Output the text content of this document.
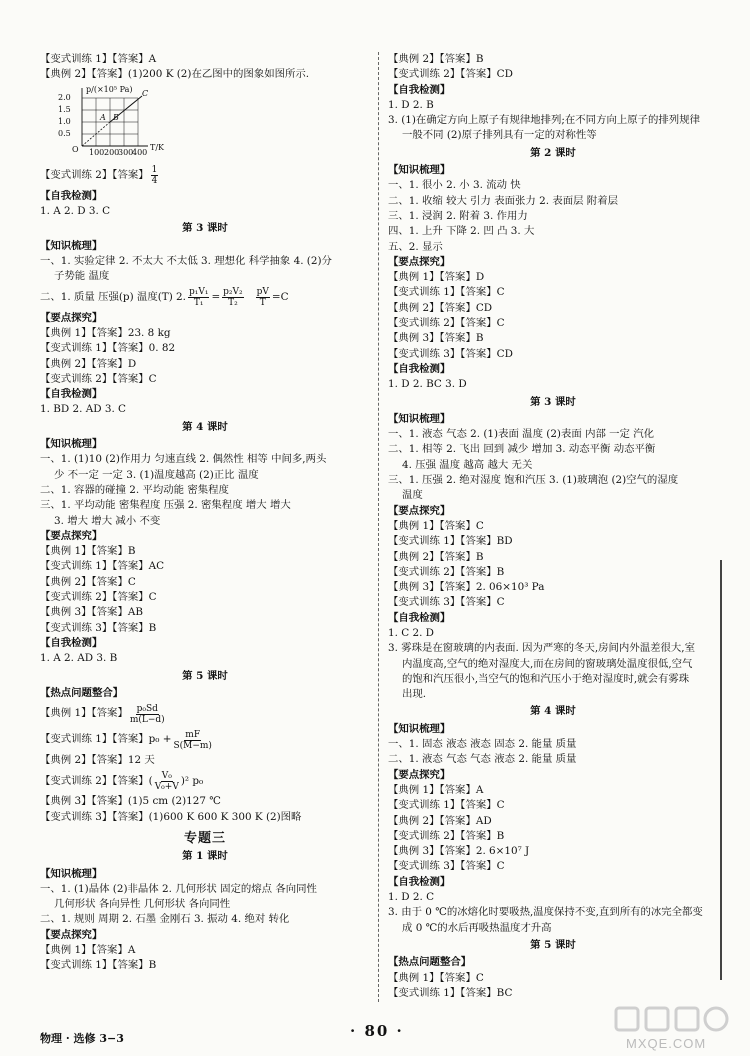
【变式训练 1】【答案】A
【典例 2】【答案】(1)200 K (2)在乙图中的图象如图所示.
p/(×10⁵ Pa)
2.0
1.5
1.0
0.5
O 100 200
300
400
T/K
A B
C
【变式训练 2】【答案】 $\frac{1}{4}$
【自我检测】
1. A 2. D 3. C
第 3 课时
【知识梳理】
一、1. 实验定律 2. 不太大 不太低 3. 理想化 科学抽象 4. (2)分
子势能 温度
二、1. 质量 压强(p) 温度(T) 2. $\frac{\text{p₁V₁}}{\text{T₁}} = \frac{\text{p₂V₂}}{\text{T₂}} \frac{pV}{T} =C$
【要点探究】
【典例 1】【答案】23. 8 kg
【变式训练 1】【答案】0. 82
【典例 2】【答案】D
【变式训练 2】【答案】C
【自我检测】
1. BD 2. AD 3. C
第 4 课时
【知识梳理】
一、1. (1)10 (2)作用力 匀速直线 2. 偶然性 相等 中间多,两头
少 不一定 一定 3. (1)温度越高 (2)正比 温度
二、1. 容器的碰撞 2. 平均动能 密集程度
三、1. 平均动能 密集程度 压强 2. 密集程度 增大 增大
3. 增大 增大 减小 不变
【要点探究】
【典例 1】【答案】B
【变式训练 1】【答案】AC
【典例 2】【答案】C
【变式训练 2】【答案】C
【典例 3】【答案】AB
【变式训练 3】【答案】B
【自我检测】
1. A 2. AD 3. B
第 5 课时
【热点问题整合】
【典例 1】【答案】 $\frac{\text{p₀Sd}}{m(L-d)}$
【变式训练 1】【答案】$p_0 + \frac{mF}{S(M-m)}$
【典例 2】【答案】12 天
【变式训练 2】【答案】( $\frac{\text{V₀}}{\text{V₀+V}} )^2$ p₀
【典例 3】【答案】(1)5 cm (2)127 ℃
【变式训练 3】【答案】(1)600 K 600 K 300 K (2)图略
专题三
第 1 课时
【知识梳理】
一、1. (1)晶体 (2)非晶体 2. 几何形状 固定的熔点 各向同性
几何形状 各向异性 几何形状 各向同性
二、1. 规则 周期 2. 石墨 金刚石 3. 振动 4. 绝对 转化
【要点探究】
【典例 1】【答案】A
【变式训练 1】【答案】B
【典例 2】【答案】B
【变式训练 2】【答案】CD
【自我检测】
1. D 2. B
3. (1)在确定方向上原子有规律地排列;在不同方向上原子的排列规律
一般不同 (2)原子排列具有一定的对称性等
第 2 课时
【知识梳理】
一、1. 很小 2. 小 3. 流动 快
二、1. 收缩 较大 引力 表面张力 2. 表面层 附着层
三、1. 浸润 2. 附着 3. 作用力
四、1. 上升 下降 2. 凹 凸 3. 大
五、2. 显示
【要点探究】
【典例 1】【答案】D
【变式训练 1】【答案】C
【典例 2】【答案】CD
【变式训练 2】【答案】C
【典例 3】【答案】B
【变式训练 3】【答案】CD
【自我检测】
1. D 2. BC 3. D
第 3 课时
【知识梳理】
一、1. 液态 气态 2. (1)表面 温度 (2)表面 内部 一定 汽化
二、1. 相等 2. 飞出 回到 减少 增加 3. 动态平衡 动态平衡
4. 压强 温度 越高 越大 无关
三、1. 压强 2. 绝对湿度 饱和汽压 3. (1)玻璃泡 (2)空气的湿度
温度
【要点探究】
【典例 1】【答案】C
【变式训练 1】【答案】BD
【典例 2】【答案】B
【变式训练 2】【答案】B
【典例 3】【答案】2. 06×10³ Pa
【变式训练 3】【答案】C
【自我检测】
1. C 2. D
3. 雾珠是在窗玻璃的内表面. 因为严寒的冬天,房间内外温差很大,室
内温度高,空气的绝对湿度大,而在房间的窗玻璃处温度很低,空气
的饱和汽压很小,当空气的饱和汽压小于绝对湿度时,就会有雾珠
出现.
第 4 课时
【知识梳理】
一、1. 固态 液态 液态 固态 2. 能量 质量
二、1. 液态 气态 气态 液态 2. 能量 质量
【要点探究】
【典例 1】【答案】A
【变式训练 1】【答案】C
【典例 2】【答案】AD
【变式训练 2】【答案】B
【典例 3】【答案】2. 6×10⁷ J
【变式训练 3】【答案】C
【自我检测】
1. D 2. C
3. 由于 0 ℃的冰熔化时要吸热,温度保持不变,直到所有的冰完全都变
成 0 ℃的水后再吸热温度才升高
第 5 课时
【热点问题整合】
【典例 1】【答案】C
【变式训练 1】【答案】BC
物理 · 选修 3−3	· 80 ·
MXQE.COM
